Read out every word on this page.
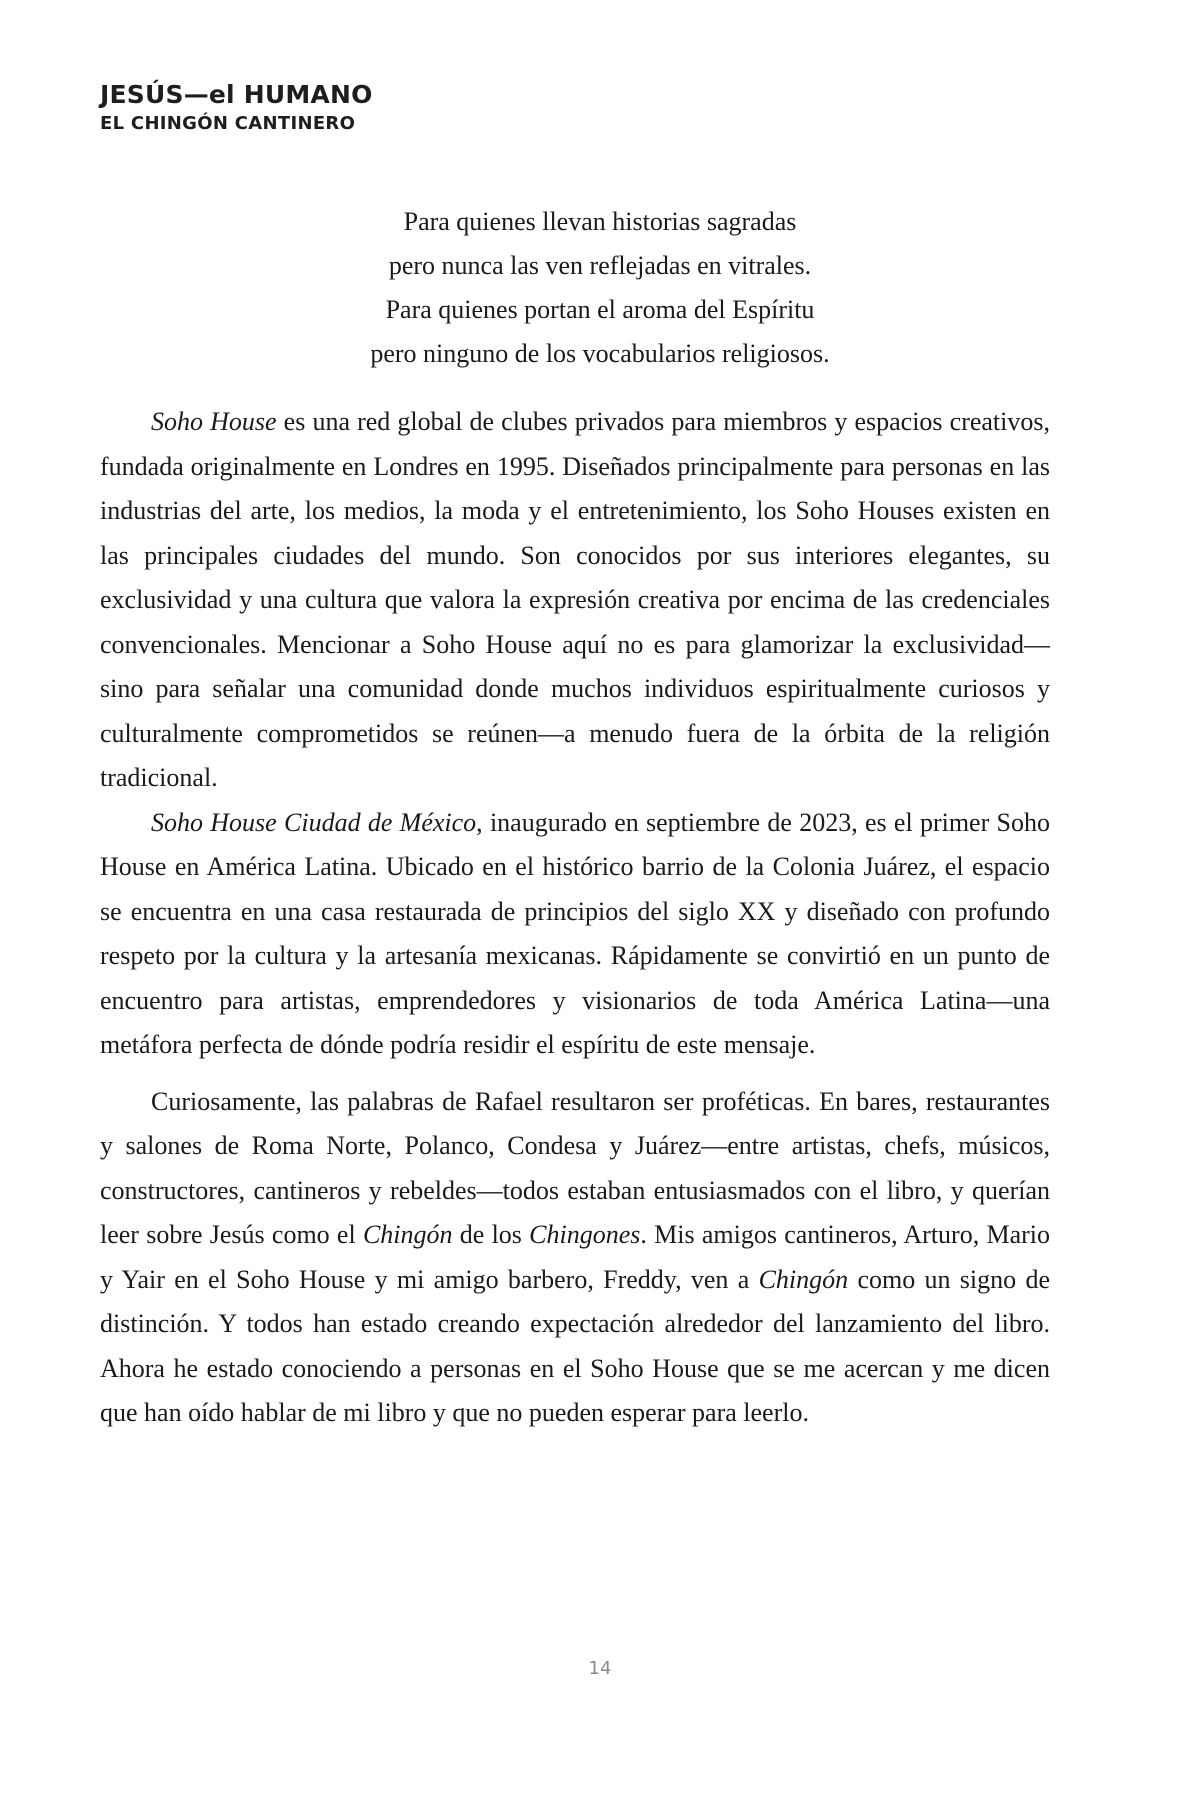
JESÚS—el HUMANO

EL CHINGÓN CANTINERO

Para quienes llevan historias sagradas
pero nunca las ven reflejadas en vitrales.
Para quienes portan el aroma del Espíritu
pero ninguno de los vocabularios religiosos.

Soho House es una red global de clubes privados para miembros y espacios creativos, fundada originalmente en Londres en 1995. Diseñados principalmente para personas en las industrias del arte, los medios, la moda y el entretenimiento, los Soho Houses existen en las principales ciudades del mundo. Son conocidos por sus interiores elegantes, su exclusividad y una cultura que valora la expresión creativa por encima de las credenciales convencionales. Mencionar a Soho House aquí no es para glamorizar la exclusividad—sino para señalar una comunidad donde muchos individuos espiritualmente curiosos y culturalmente comprometidos se reúnen—a menudo fuera de la órbita de la religión tradicional.

Soho House Ciudad de México, inaugurado en septiembre de 2023, es el primer Soho House en América Latina. Ubicado en el histórico barrio de la Colonia Juárez, el espacio se encuentra en una casa restaurada de principios del siglo XX y diseñado con profundo respeto por la cultura y la artesanía mexicanas. Rápidamente se convirtió en un punto de encuentro para artistas, emprendedores y visionarios de toda América Latina—una metáfora perfecta de dónde podría residir el espíritu de este mensaje.

Curiosamente, las palabras de Rafael resultaron ser proféticas. En bares, restaurantes y salones de Roma Norte, Polanco, Condesa y Juárez—entre artistas, chefs, músicos, constructores, cantineros y rebeldes—todos estaban entusiasmados con el libro, y querían leer sobre Jesús como el Chingón de los Chingones. Mis amigos cantineros, Arturo, Mario y Yair en el Soho House y mi amigo barbero, Freddy, ven a Chingón como un signo de distinción. Y todos han estado creando expectación alrededor del lanzamiento del libro. Ahora he estado conociendo a personas en el Soho House que se me acercan y me dicen que han oído hablar de mi libro y que no pueden esperar para leerlo.

14
